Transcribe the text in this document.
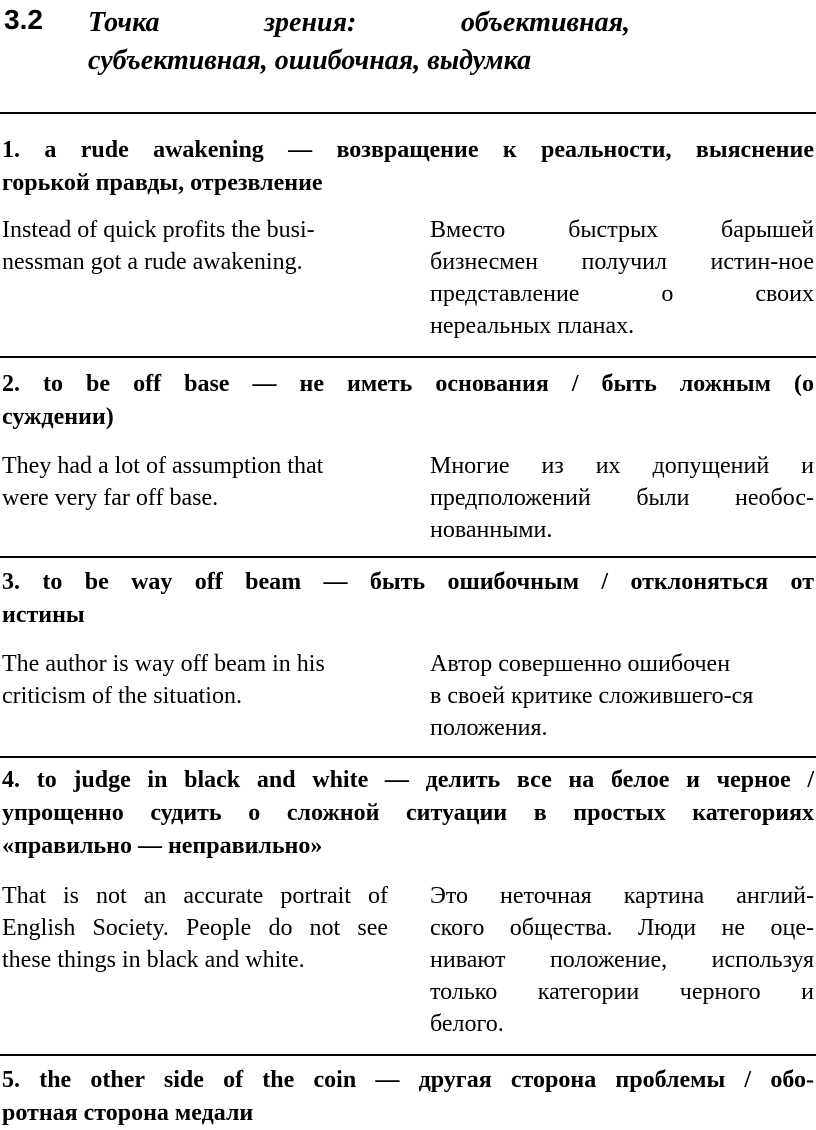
3.2 Точка зрения: объективная,
субъективная, ошибочная, выдумка
1. a rude awakening — возвращение к реальности, выяснение
горькой правды, отрезвление
Instead of quick profits the busi-
nessman got a rude awakening.
Вместо быстрых барышей
бизнесмен получил истин-ное
представление о своих
нереальных планах.
2. to be off base — не иметь основания / быть ложным (о
суждении)
They had a lot of assumption that
were very far off base.
Многие из их допущений и
предположений были необос-
нованными.
3. to be way off beam — быть ошибочным / отклоняться от
истины
The author is way off beam in his
criticism of the situation.
Автор совершенно ошибочен
в своей критике сложившего-ся
положения.
4. to judge in black and white — делить все на белое и черное /
упрощенно судить о сложной ситуации в простых категориях
«правильно — неправильно»
That is not an accurate portrait of
English Society. People do not see
these things in black and white.
Это неточная картина англий-
ского общества. Люди не оце-
нивают положение, используя
только категории черного и
белого.
5. the other side of the coin — другая сторона проблемы / обо-
ротная сторона медали
